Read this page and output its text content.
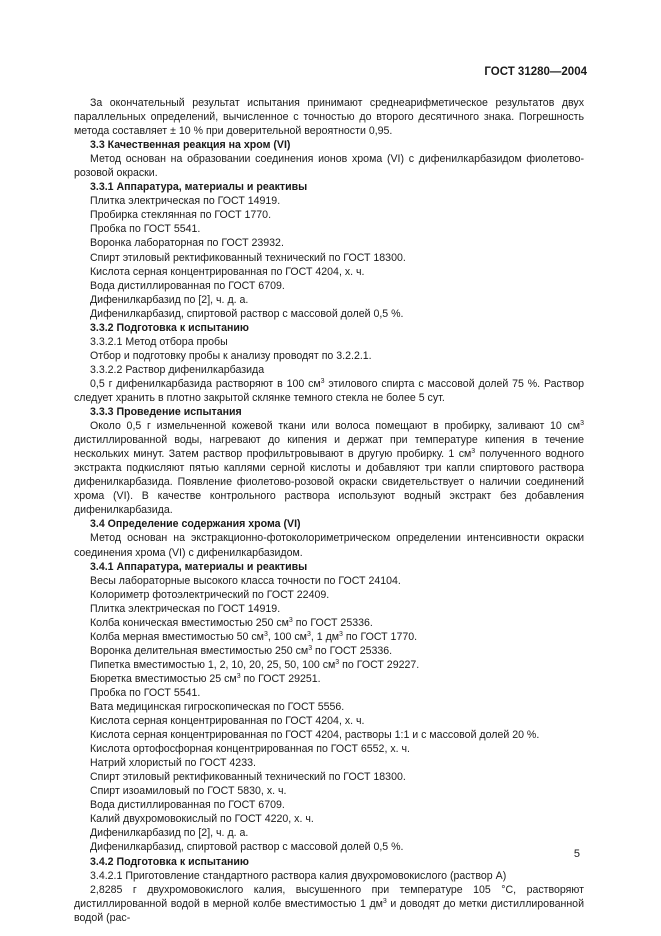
ГОСТ 31280—2004

За окончательный результат испытания принимают среднеарифметическое результатов двух параллельных определений, вычисленное с точностью до второго десятичного знака. Погрешность метода составляет ± 10 % при доверительной вероятности 0,95.

3.3 Качественная реакция на хром (VI)

Метод основан на образовании соединения ионов хрома (VI) с дифенилкарбазидом фиолетово-розовой окраски.

3.3.1 Аппаратура, материалы и реактивы

Плитка электрическая по ГОСТ 14919.

Пробирка стеклянная по ГОСТ 1770.

Пробка по ГОСТ 5541.

Воронка лабораторная по ГОСТ 23932.

Спирт этиловый ректификованный технический по ГОСТ 18300.

Кислота серная концентрированная по ГОСТ 4204, х. ч.

Вода дистиллированная по ГОСТ 6709.

Дифенилкарбазид по [2], ч. д. а.

Дифенилкарбазид, спиртовой раствор с массовой долей 0,5 %.

3.3.2 Подготовка к испытанию

3.3.2.1 Метод отбора пробы

Отбор и подготовку пробы к анализу проводят по 3.2.2.1.

3.3.2.2 Раствор дифенилкарбазида

0,5 г дифенилкарбазида растворяют в 100 $см^3$ этилового спирта с массовой долей 75 %. Раствор следует хранить в плотно закрытой склянке темного стекла не более 5 сут.

3.3.3 Проведение испытания

Около 0,5 г измельченной кожевой ткани или волоса помещают в пробирку, заливают 10 $см^3$ дистиллированной воды, нагревают до кипения и держат при температуре кипения в течение нескольких минут. Затем раствор профильтровывают в другую пробирку. 1 $см^3$ полученного водного экстракта подкисляют пятью каплями серной кислоты и добавляют три капли спиртового раствора дифенилкарбазида. Появление фиолетово-розовой окраски свидетельствует о наличии соединений хрома (VI). В качестве контрольного раствора используют водный экстракт без добавления дифенилкарбазида.

3.4 Определение содержания хрома (VI)

Метод основан на экстракционно-фотоколориметрическом определении интенсивности окраски соединения хрома (VI) с дифенилкарбазидом.

3.4.1 Аппаратура, материалы и реактивы

Весы лабораторные высокого класса точности по ГОСТ 24104.

Колориметр фотоэлектрический по ГОСТ 22409.

Плитка электрическая по ГОСТ 14919.

Колба коническая вместимостью 250 $см^3$ по ГОСТ 25336.

Колба мерная вместимостью 50 $см^3$, 100 $см^3$, 1 $дм^3$ по ГОСТ 1770.

Воронка делительная вместимостью 250 $см^3$ по ГОСТ 25336.

Пипетка вместимостью 1, 2, 10, 20, 25, 50, 100 $см^3$ по ГОСТ 29227.

Бюретка вместимостью 25 $см^3$ по ГОСТ 29251.

Пробка по ГОСТ 5541.

Вата медицинская гигроскопическая по ГОСТ 5556.

Кислота серная концентрированная по ГОСТ 4204, х. ч.

Кислота серная концентрированная по ГОСТ 4204, растворы 1:1 и с массовой долей 20 %.

Кислота ортофосфорная концентрированная по ГОСТ 6552, х. ч.

Натрий хлористый по ГОСТ 4233.

Спирт этиловый ректификованный технический по ГОСТ 18300.

Спирт изоамиловый по ГОСТ 5830, х. ч.

Вода дистиллированная по ГОСТ 6709.

Калий двухромовокислый по ГОСТ 4220, х. ч.

Дифенилкарбазид по [2], ч. д. а.

Дифенилкарбазид, спиртовой раствор с массовой долей 0,5 %.

3.4.2 Подготовка к испытанию

3.4.2.1 Приготовление стандартного раствора калия двухромовокислого (раствор А)

2,8285 г двухромовокислого калия, высушенного при температуре 105 °С, растворяют дистиллированной водой в мерной колбе вместимостью 1 $дм^3$ и доводят до метки дистиллированной водой (рас-

5
